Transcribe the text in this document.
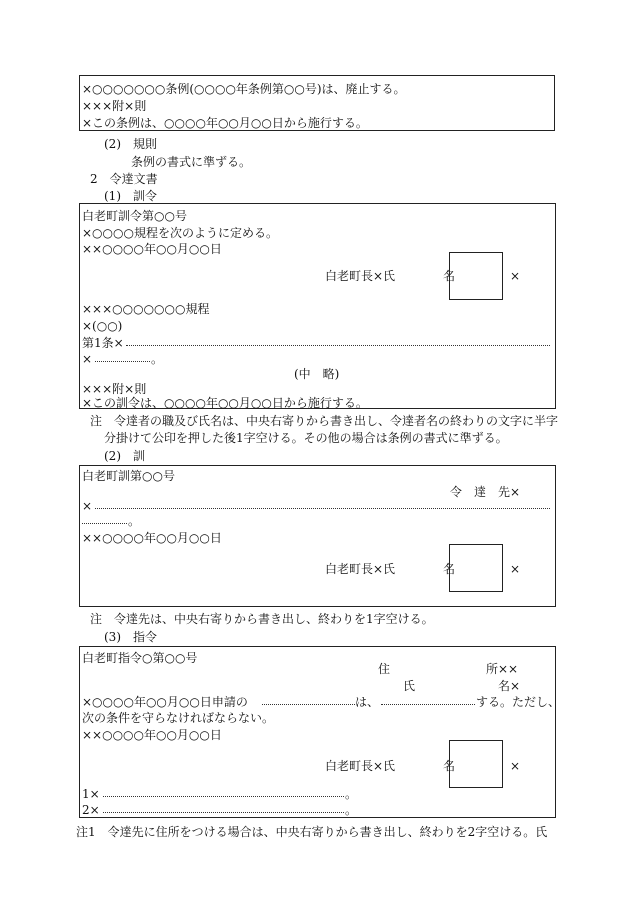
×○○○○○○○条例(○○○○年条例第○○号)は、廃止する。
×××附×則
×この条例は、○○○○年○○月○○日から施行する。
(2)　規則
条例の書式に準ずる。
2　令達文書
(1)　訓令
白老町訓令第○○号
×○○○○規程を次のように定める。
××○○○○年○○月○○日
白老町長×氏	名	×
×××○○○○○○○規程
×(○○)
第1条×
×	。
(中　略)
×××附×則
×この訓令は、○○○○年○○月○○日から施行する。
注　令達者の職及び氏名は、中央右寄りから書き出し、令達者名の終わりの文字に半字
分掛けて公印を押した後1字空ける。その他の場合は条例の書式に準ずる。
(2)　訓
白老町訓第○○号
令　達　先×
×
。
××○○○○年○○月○○日
白老町長×氏	名	×
注　令達先は、中央右寄りから書き出し、終わりを1字空ける。
(3)　指令
白老町指令○第○○号
住	所××
氏	名×
×○○○○年○○月○○日申請の	は、	する。ただし、
次の条件を守らなければならない。
××○○○○年○○月○○日
白老町長×氏	名	×
1×	。
2×	。
注1　令達先に住所をつける場合は、中央右寄りから書き出し、終わりを2字空ける。氏
